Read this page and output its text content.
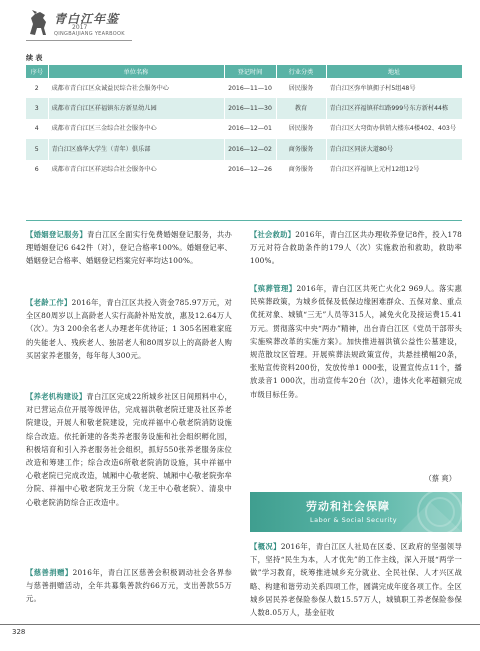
青白江年鉴
2017
QINGBAIJIANG YEARBOOK
续 表
序号	单位名称	登记时间	行业分类	地址
2	成都市青白江区众诚益民综合社会服务中心	2016—11—10	居民服务	青白江区弥牟镇拥子村5组48号
3	成都市青白江区祥福镇东方新星幼儿园	2016—11—30	教育	青白江区祥福镇祥红路999号东方新村44栋
4	成都市青白江区三金综合社会服务中心	2016—12—01	居民服务	青白江区大弯街办供销大楼东4楼402、403号
5	青白江区盛华大学生（青年）俱乐部	2016—12—02	商务服务	青白江区同济大道80号
6	成都市青白江区祥运综合社会服务中心	2016—12—26	商务服务	青白江区祥福镇上元村12组12号

【婚姻登记服务】青白江区全面实行免费婚姻登记服务，共办理婚姻登记6 642件（对），登记合格率100%。婚姻登记率、婚姻登记合格率、婚姻登记档案完好率均达100%。

【老龄工作】2016年，青白江区共投入资金785.97万元，对全区80周岁以上高龄老人实行高龄补贴发放，惠及12.64万人（次）。为3 200余名老人办理老年优待证；1 305名困难家庭的失能老人、残疾老人、独居老人和80周岁以上的高龄老人购买居家养老服务，每年每人300元。

【养老机构建设】青白江区完成22所城乡社区日间照料中心，对已营运点位开展等级评估，完成福洪敬老院迁建及社区养老院建设，开展人和敬老院建设，完成祥福中心敬老院消防设施综合改造。依托新建的各类养老服务设施和社会组织孵化园，积极培育和引入养老服务社会组织，抓好550张养老服务床位改造和筹建工作；综合改造6所敬老院消防设施，其中祥福中心敬老院已完成改造，城厢中心敬老院、城厢中心敬老院弥牟分院、祥福中心敬老院龙王分院（龙王中心敬老院）、清泉中心敬老院消防综合正改造中。

【慈善捐赠】2016年，青白江区慈善会积极调动社会各界参与慈善捐赠活动，全年共募集善款约66万元，支出善款55万元。

【社会救助】2016年，青白江区共办理收养登记8件，投入178万元对符合救助条件的179人（次）实施救治和救助，救助率100%。

【殡葬管理】2016年，青白江区共死亡火化2 969人。落实惠民殡葬政策，为城乡低保及低保边缘困难群众、五保对象、重点优抚对象、城镇“三无”人员等315人，减免火化及接运费15.41万元。贯彻落实中央“两办”精神，出台青白江区《党员干部带头实施殡葬改革的实施方案》。加快推进福洪镇公益性公墓建设，规范散坟区管理。开展殡葬法规政策宣传，共悬挂横幅20条，张贴宣传资料200份，发放传单1 000张，设置宣传点11个，播放录音1 000次，出动宣传车20台（次），遗体火化率超额完成市级目标任务。

（蔡 爽）
劳动和社会保障
Labor & Social Security

【概况】2016年，青白江区人社局在区委、区政府的坚强领导下，坚持“民生为本，人才优先”的工作主线，深入开展“两学一做”学习教育，统筹推进城乡充分就业、全民社保、人才兴区战略、构建和谐劳动关系四项工作，圆满完成年度各项工作。全区城乡居民养老保险参保人数15.57万人，城镇职工养老保险参保人数8.05万人，基金征收

328
